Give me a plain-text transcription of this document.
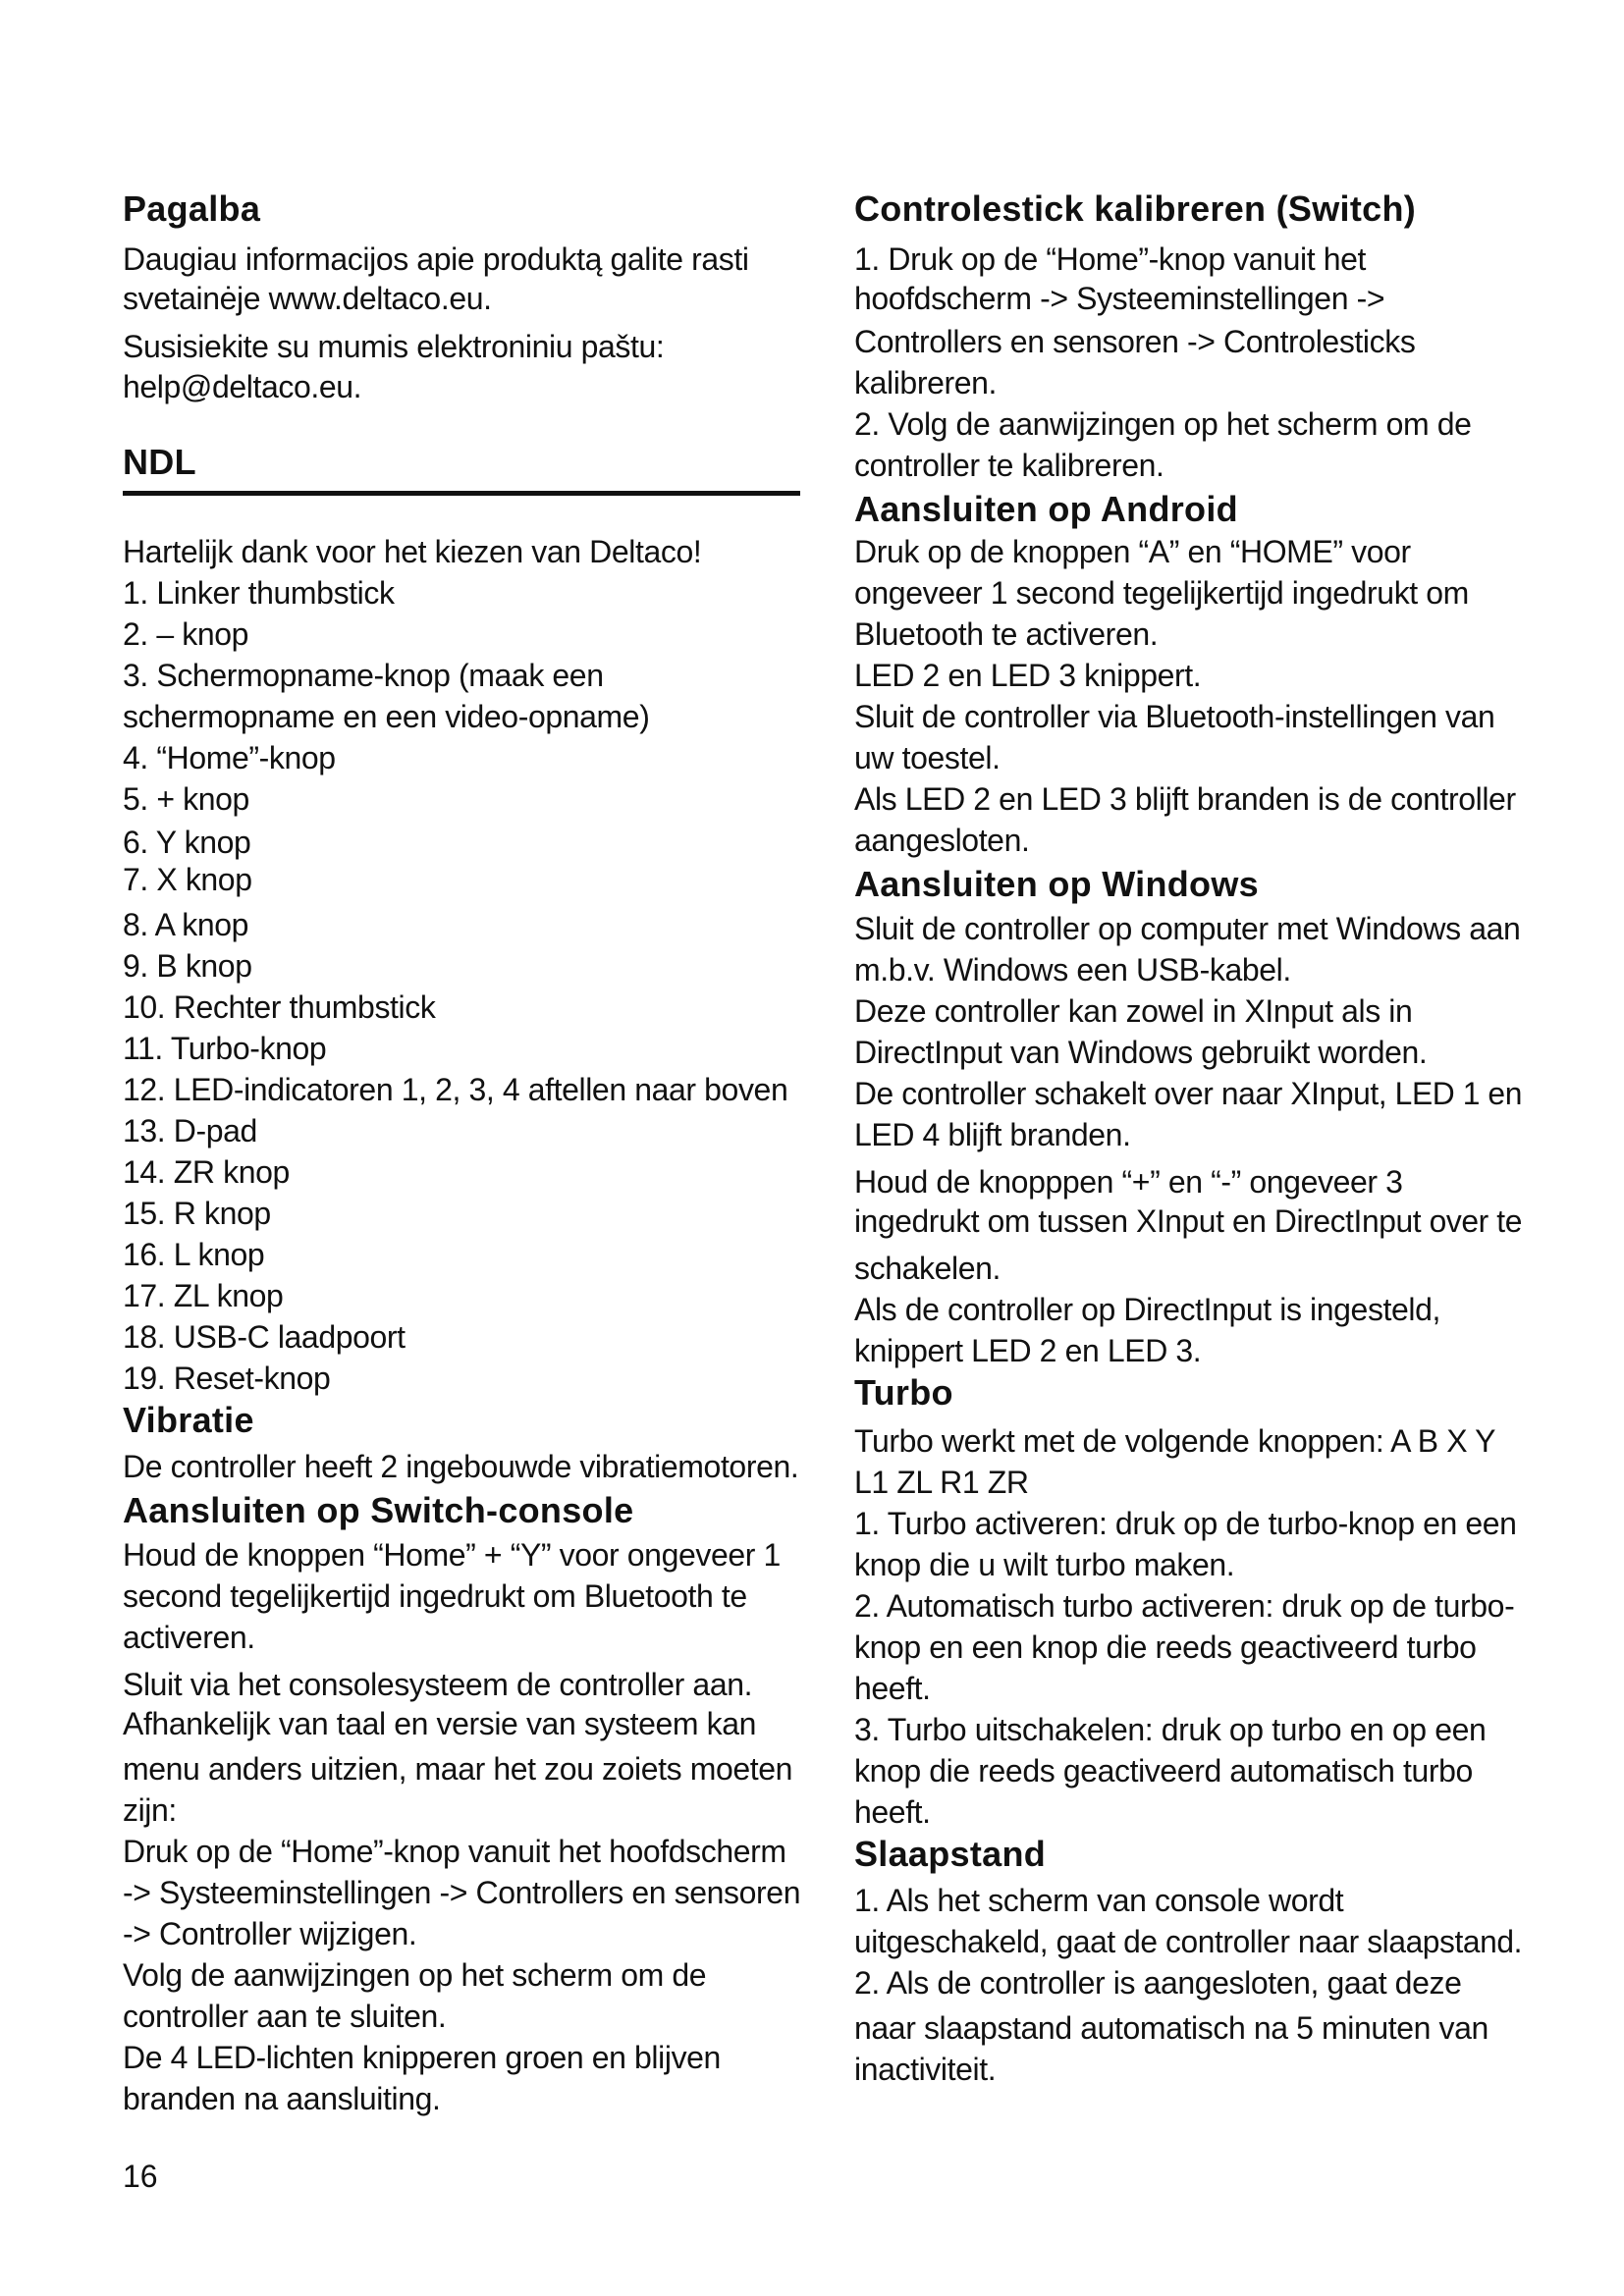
Pagalba
Daugiau informacijos apie produktą galite rasti
svetainėje www.deltaco.eu.
Susisiekite su mumis elektroniniu paštu:
help@deltaco.eu.
NDL
Hartelijk dank voor het kiezen van Deltaco!
1. Linker thumbstick
2. – knop
3. Schermopname-knop (maak een
schermopname en een video-opname)
4. “Home”-knop
5. + knop
6. Y knop
7. X knop
8. A knop
9. B knop
10. Rechter thumbstick
11. Turbo-knop
12. LED-indicatoren 1, 2, 3, 4 aftellen naar boven
13. D-pad
14. ZR knop
15. R knop
16. L knop
17. ZL knop
18. USB-C laadpoort
19. Reset-knop
Vibratie
De controller heeft 2 ingebouwde vibratiemotoren.
Aansluiten op Switch-console
Houd de knoppen “Home” + “Y” voor ongeveer 1
second tegelijkertijd ingedrukt om Bluetooth te
activeren.
Sluit via het consolesysteem de controller aan.
Afhankelijk van taal en versie van systeem kan
menu anders uitzien, maar het zou zoiets moeten
zijn:
Druk op de “Home”-knop vanuit het hoofdscherm
-> Systeeminstellingen -> Controllers en sensoren
-> Controller wijzigen.
Volg de aanwijzingen op het scherm om de
controller aan te sluiten.
De 4 LED-lichten knipperen groen en blijven
branden na aansluiting.
Controlestick kalibreren (Switch)
1. Druk op de “Home”-knop vanuit het
hoofdscherm -> Systeeminstellingen ->
Controllers en sensoren -> Controlesticks
kalibreren.
2. Volg de aanwijzingen op het scherm om de
controller te kalibreren.
Aansluiten op Android
Druk op de knoppen “A” en “HOME” voor
ongeveer 1 second tegelijkertijd ingedrukt om
Bluetooth te activeren.
LED 2 en LED 3 knippert.
Sluit de controller via Bluetooth-instellingen van
uw toestel.
Als LED 2 en LED 3 blijft branden is de controller
aangesloten.
Aansluiten op Windows
Sluit de controller op computer met Windows aan
m.b.v. Windows een USB-kabel.
Deze controller kan zowel in XInput als in
DirectInput van Windows gebruikt worden.
De controller schakelt over naar XInput, LED 1 en
LED 4 blijft branden.
Houd de knopppen “+” en “-” ongeveer 3
ingedrukt om tussen XInput en DirectInput over te
schakelen.
Als de controller op DirectInput is ingesteld,
knippert LED 2 en LED 3.
Turbo
Turbo werkt met de volgende knoppen: A B X Y
L1 ZL R1 ZR
1. Turbo activeren: druk op de turbo-knop en een
knop die u wilt turbo maken.
2. Automatisch turbo activeren: druk op de turbo-
knop en een knop die reeds geactiveerd turbo
heeft.
3. Turbo uitschakelen: druk op turbo en op een
knop die reeds geactiveerd automatisch turbo
heeft.
Slaapstand
1. Als het scherm van console wordt
uitgeschakeld, gaat de controller naar slaapstand.
2. Als de controller is aangesloten, gaat deze
naar slaapstand automatisch na 5 minuten van
inactiviteit.
16
